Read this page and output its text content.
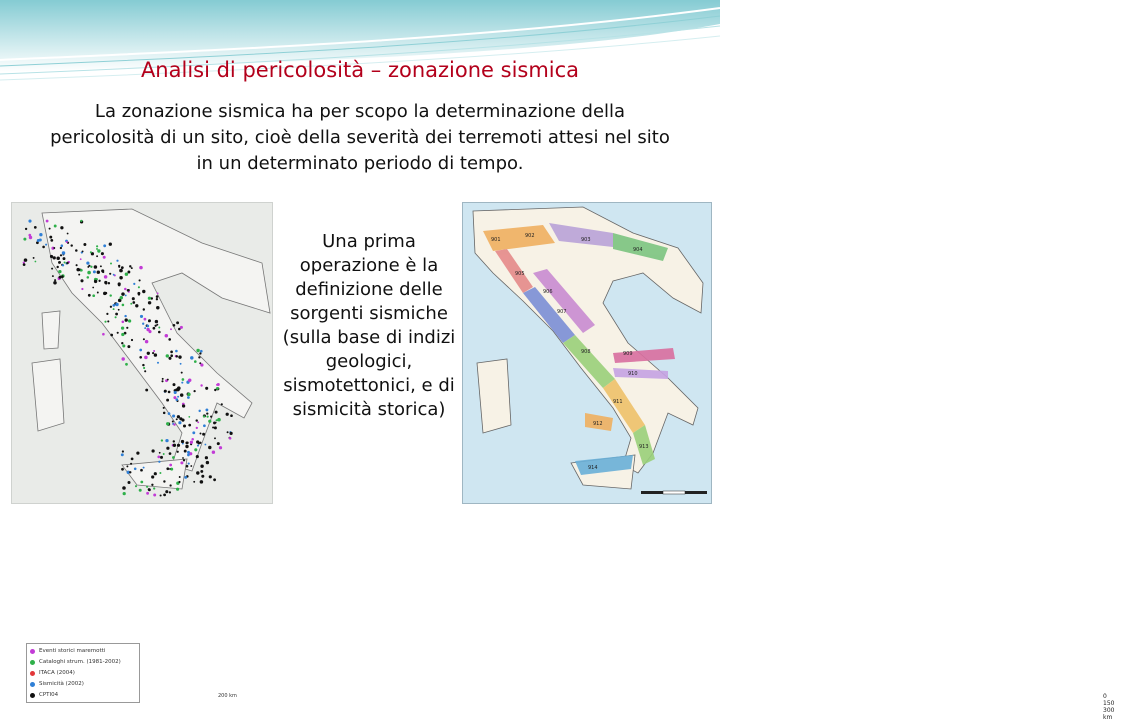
Analisi di pericolosità – zonazione sismica
La zonazione sismica ha per scopo la determinazione della pericolosità di un sito, cioè della severità dei terremoti attesi nel sito in un determinato periodo di tempo.
Eventi storici maremotti
Cataloghi strum. (1981-2002)
ITACA (2004)
Sismicità (2002)
CPTI04	200 km
Una prima operazione è la definizione delle sorgenti sismiche (sulla base di indizi geologici, sismotettonici, e di sismicità storica)
901
902
903
904
905
906
907
908	909
910
911
912
913
914
0150300 km
